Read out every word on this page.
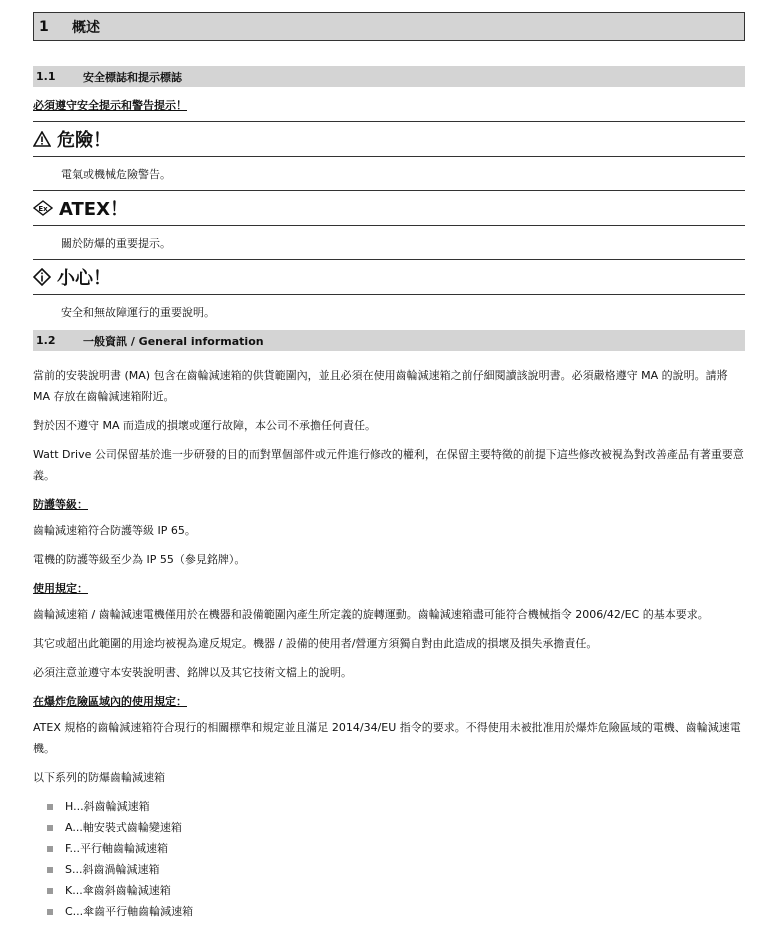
1	概述
1.1	安全標誌和提示標誌

必須遵守安全提示和警告提示！

危險！
電氣或機械危險警告。
Ex ATEX！
關於防爆的重要提示。
小心！
安全和無故障運行的重要說明。
1.2	一般資訊 / General information

當前的安裝說明書 (MA) 包含在齒輪減速箱的供貨範圍內，並且必須在使用齒輪減速箱之前仔細閱讀該說明書。必須嚴格遵守 MA 的說明。請將 MA 存放在齒輪減速箱附近。

對於因不遵守 MA 而造成的損壞或運行故障，本公司不承擔任何責任。

Watt Drive 公司保留基於進一步研發的目的而對單個部件或元件進行修改的權利，在保留主要特徵的前提下這些修改被視為對改善產品有著重要意義。

防護等級：

齒輪減速箱符合防護等級 IP 65。

電機的防護等級至少為 IP 55（參見銘牌）。

使用規定：

齒輪減速箱 / 齒輪減速電機僅用於在機器和設備範圍內產生所定義的旋轉運動。齒輪減速箱盡可能符合機械指令 2006/42/EC 的基本要求。

其它或超出此範圍的用途均被視為違反規定。機器 / 設備的使用者/營運方須獨自對由此造成的損壞及損失承擔責任。

必須注意並遵守本安裝說明書、銘牌以及其它技術文檔上的說明。

在爆炸危險區域內的使用規定：

ATEX 規格的齒輪減速箱符合現行的相關標準和規定並且滿足 2014/34/EU 指令的要求。不得使用未被批准用於爆炸危險區域的電機、齒輪減速電機。

以下系列的防爆齒輪減速箱

H...斜齒輪減速箱
A...軸安裝式齒輪變速箱
F...平行軸齒輪減速箱
S...斜齒渦輪減速箱
K...傘齒斜齒輪減速箱
C...傘齒平行軸齒輪減速箱
